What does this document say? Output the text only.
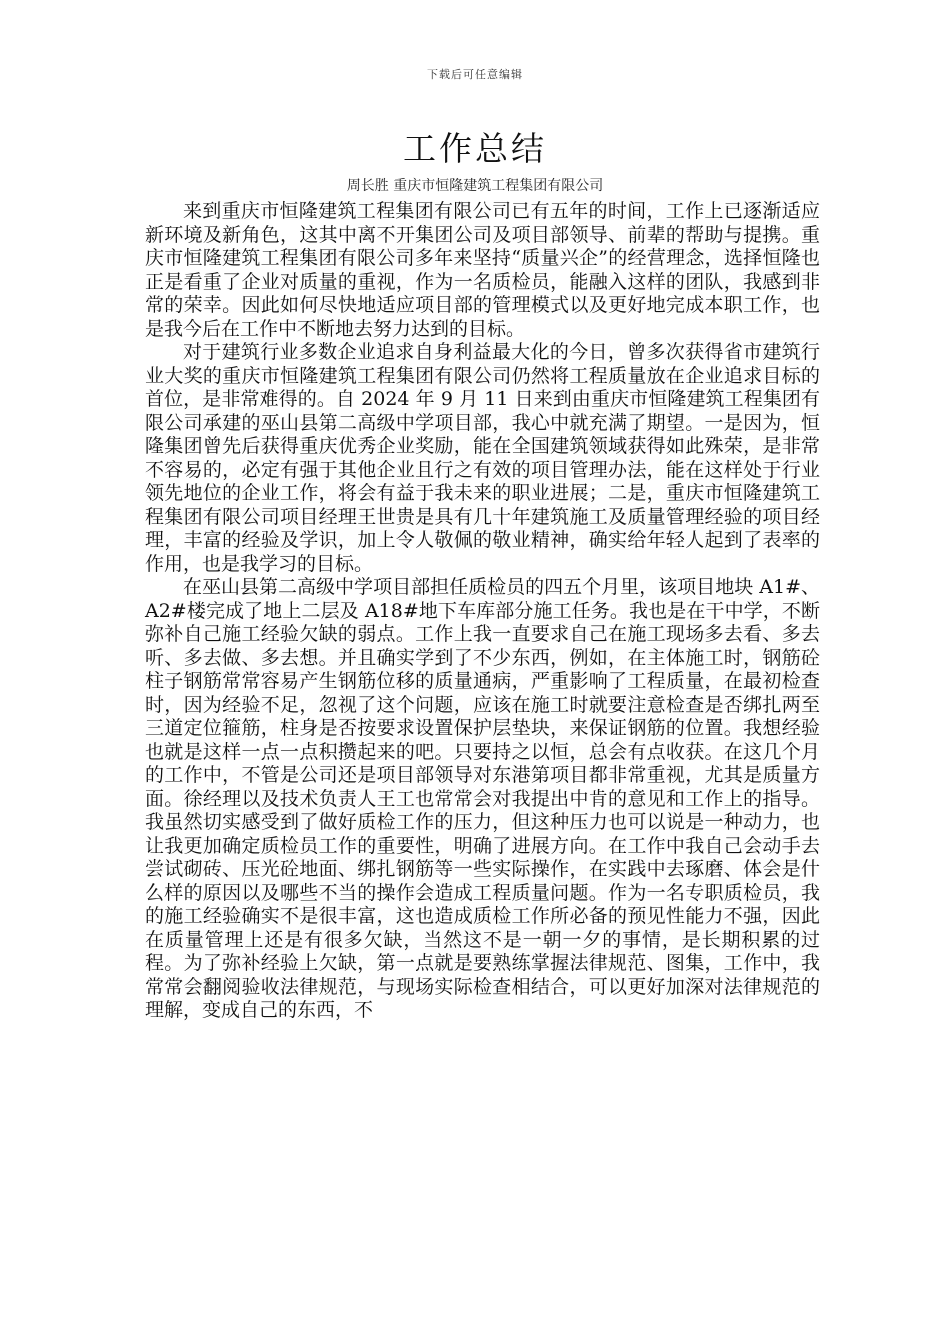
下载后可任意编辑
工作总结
周长胜 重庆市恒隆建筑工程集团有限公司

来到重庆市恒隆建筑工程集团有限公司已有五年的时间，工作上已逐渐适应新环境及新角色，这其中离不开集团公司及项目部领导、前辈的帮助与提携。重庆市恒隆建筑工程集团有限公司多年来坚持“质量兴企”的经营理念，选择恒隆也正是看重了企业对质量的重视，作为一名质检员，能融入这样的团队，我感到非常的荣幸。因此如何尽快地适应项目部的管理模式以及更好地完成本职工作，也是我今后在工作中不断地去努力达到的目标。

对于建筑行业多数企业追求自身利益最大化的今日，曾多次获得省市建筑行业大奖的重庆市恒隆建筑工程集团有限公司仍然将工程质量放在企业追求目标的首位，是非常难得的。自 2024 年 9 月 11 日来到由重庆市恒隆建筑工程集团有限公司承建的巫山县第二高级中学项目部，我心中就充满了期望。一是因为，恒隆集团曾先后获得重庆优秀企业奖励，能在全国建筑领域获得如此殊荣，是非常不容易的，必定有强于其他企业且行之有效的项目管理办法，能在这样处于行业领先地位的企业工作，将会有益于我未来的职业进展；二是，重庆市恒隆建筑工程集团有限公司项目经理王世贵是具有几十年建筑施工及质量管理经验的项目经理，丰富的经验及学识，加上令人敬佩的敬业精神，确实给年轻人起到了表率的作用，也是我学习的目标。

在巫山县第二高级中学项目部担任质检员的四五个月里，该项目地块 A1#、A2#楼完成了地上二层及 A18#地下车库部分施工任务。我也是在干中学，不断弥补自己施工经验欠缺的弱点。工作上我一直要求自己在施工现场多去看、多去听、多去做、多去想。并且确实学到了不少东西，例如，在主体施工时，钢筋砼柱子钢筋常常容易产生钢筋位移的质量通病，严重影响了工程质量，在最初检查时，因为经验不足，忽视了这个问题，应该在施工时就要注意检查是否绑扎两至三道定位箍筋，柱身是否按要求设置保护层垫块，来保证钢筋的位置。我想经验也就是这样一点一点积攒起来的吧。只要持之以恒，总会有点收获。在这几个月的工作中，不管是公司还是项目部领导对东港第项目都非常重视，尤其是质量方面。徐经理以及技术负责人王工也常常会对我提出中肯的意见和工作上的指导。我虽然切实感受到了做好质检工作的压力，但这种压力也可以说是一种动力，也让我更加确定质检员工作的重要性，明确了进展方向。在工作中我自己会动手去尝试砌砖、压光砼地面、绑扎钢筋等一些实际操作，在实践中去琢磨、体会是什么样的原因以及哪些不当的操作会造成工程质量问题。作为一名专职质检员，我的施工经验确实不是很丰富，这也造成质检工作所必备的预见性能力不强，因此在质量管理上还是有很多欠缺，当然这不是一朝一夕的事情，是长期积累的过程。为了弥补经验上欠缺，第一点就是要熟练掌握法律规范、图集，工作中，我常常会翻阅验收法律规范，与现场实际检查相结合，可以更好加深对法律规范的理解，变成自己的东西，不
